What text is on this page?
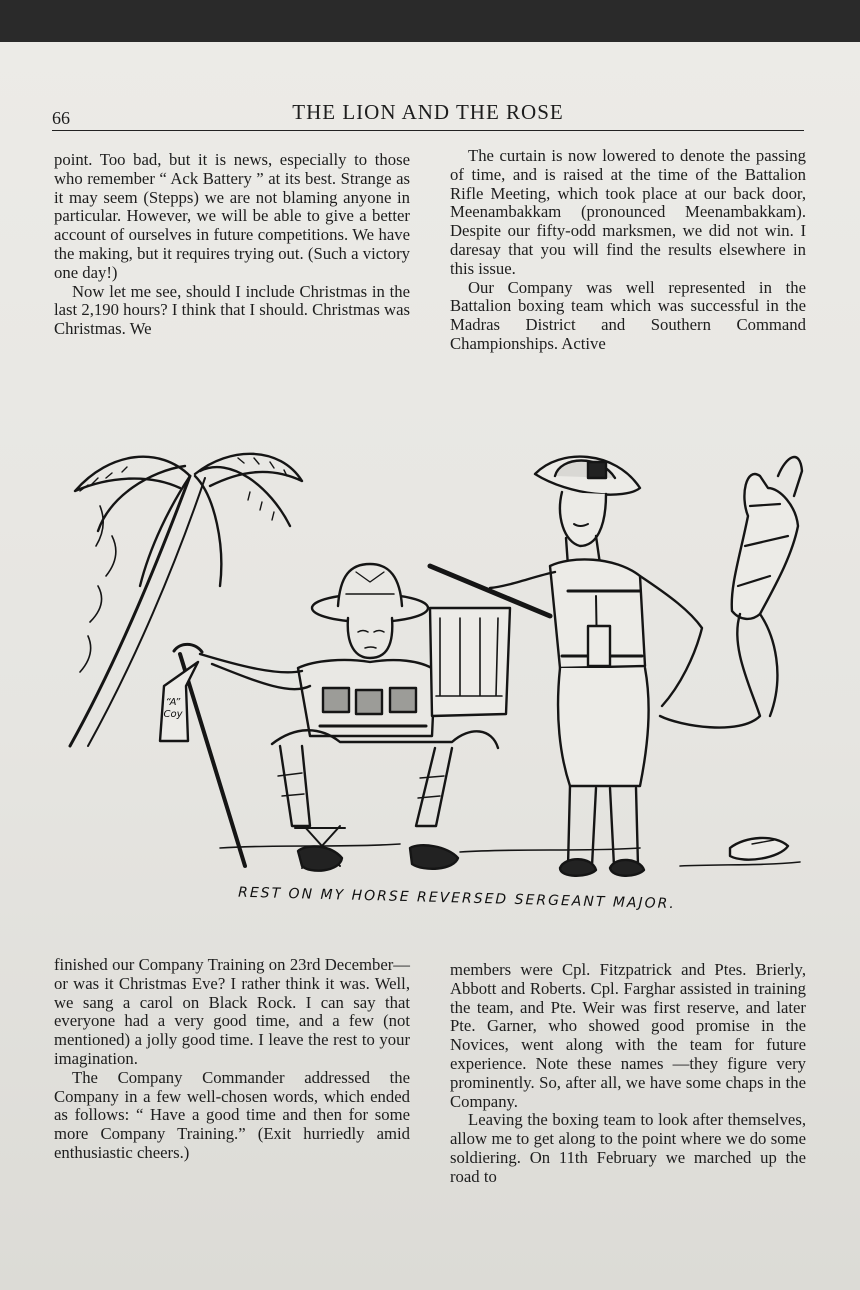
66	THE LION AND THE ROSE

point. Too bad, but it is news, especially to those who remember “ Ack Battery ” at its best. Strange as it may seem (Stepps) we are not blaming anyone in particular. However, we will be able to give a better account of ourselves in future competitions. We have the making, but it requires trying out. (Such a victory one day!)

Now let me see, should I include Christmas in the last 2,190 hours? I think that I should. Christmas was Christmas. We

The curtain is now lowered to denote the passing of time, and is raised at the time of the Battalion Rifle Meeting, which took place at our back door, Meenambakkam (pronounced Meenambakkam). Despite our fifty-odd marksmen, we did not win. I daresay that you will find the results elsewhere in this issue.

Our Company was well represented in the Battalion boxing team which was successful in the Madras District and Southern Command Championships. Active

“A” Coy
REST ON MY HORSE REVERSED SERGEANT MAJOR.

finished our Company Training on 23rd December—or was it Christmas Eve? I rather think it was. Well, we sang a carol on Black Rock. I can say that everyone had a very good time, and a few (not mentioned) a jolly good time. I leave the rest to your imagination.

The Company Commander addressed the Company in a few well-chosen words, which ended as follows: “ Have a good time and then for some more Company Training.” (Exit hurriedly amid enthusiastic cheers.)

members were Cpl. Fitzpatrick and Ptes. Brierly, Abbott and Roberts. Cpl. Farghar assisted in training the team, and Pte. Weir was first reserve, and later Pte. Garner, who showed good promise in the Novices, went along with the team for future experience. Note these names —they figure very prominently. So, after all, we have some chaps in the Company.

Leaving the boxing team to look after themselves, allow me to get along to the point where we do some soldiering. On 11th February we marched up the road to
